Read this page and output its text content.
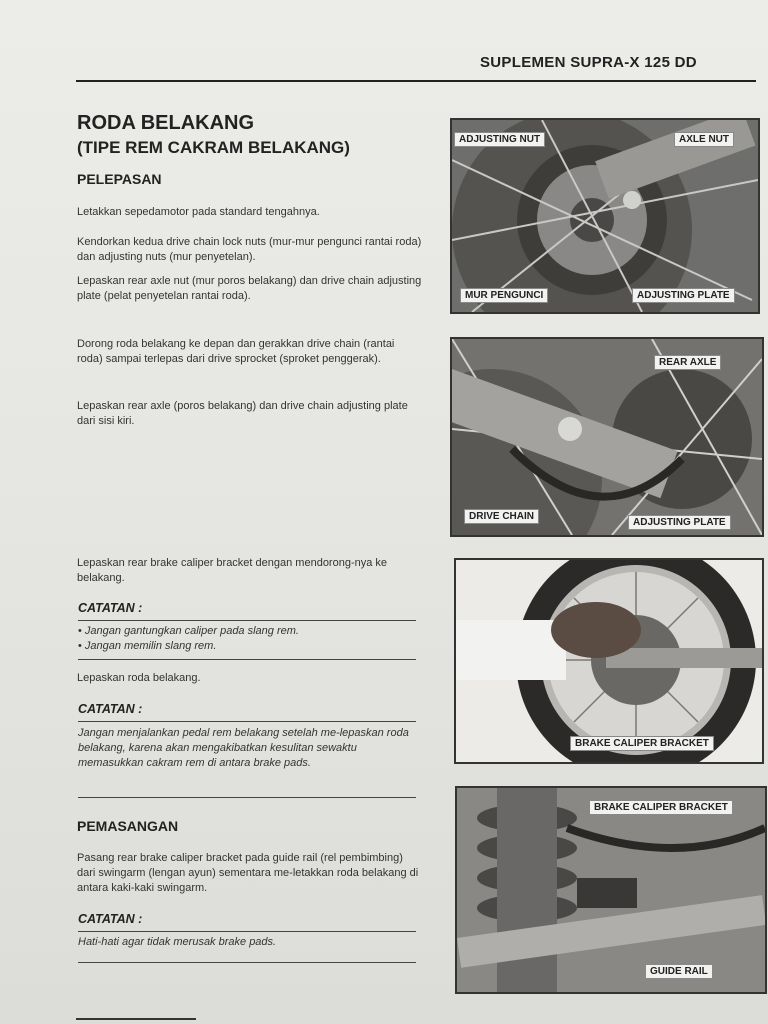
SUPLEMEN SUPRA-X 125 DD
RODA BELAKANG
(TIPE REM CAKRAM BELAKANG)
PELEPASAN
Letakkan sepedamotor pada standard tengahnya.
Kendorkan kedua drive chain lock nuts (mur-mur pengunci rantai roda) dan adjusting nuts (mur penyetelan).
Lepaskan rear axle nut (mur poros belakang) dan drive chain adjusting plate (pelat penyetelan rantai roda).
Dorong roda belakang ke depan dan gerakkan drive chain (rantai roda) sampai terlepas dari drive sprocket (sproket penggerak).
Lepaskan rear axle (poros belakang) dan drive chain adjusting plate dari sisi kiri.
Lepaskan rear brake caliper bracket dengan mendorong-nya ke belakang.
CATATAN :
• Jangan gantungkan caliper pada slang rem.
• Jangan memilin slang rem.
Lepaskan roda belakang.
CATATAN :
Jangan menjalankan pedal rem belakang setelah me-lepaskan roda belakang, karena akan mengakibatkan kesulitan sewaktu memasukkan cakram rem di antara brake pads.
PEMASANGAN
Pasang rear brake caliper bracket pada guide rail (rel pembimbing) dari swingarm (lengan ayun) sementara me-letakkan roda belakang di antara kaki-kaki swingarm.
CATATAN :
Hati-hati agar tidak merusak brake pads.
ADJUSTING NUT	AXLE NUT
MUR PENGUNCI	ADJUSTING PLATE
REAR AXLE
DRIVE CHAIN
ADJUSTING PLATE
BRAKE CALIPER BRACKET
BRAKE CALIPER BRACKET
GUIDE RAIL
